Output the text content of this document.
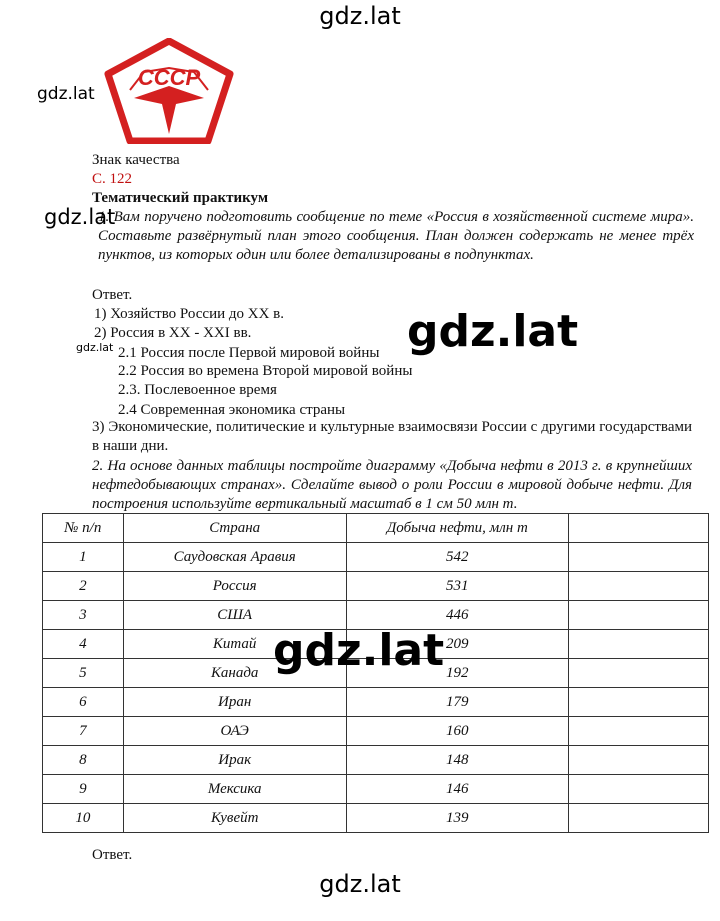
СССР
Знак качества
С. 122
Тематический практикум
1. Вам поручено подготовить сообщение по теме «Россия в хозяйственной системе мира». Составьте развёрнутый план этого сообщения. План должен содержать не менее трёх пунктов, из которых один или более детализированы в подпунктах.
Ответ.
1) Хозяйство России до XX в.
2) Россия в XX - XXI вв.
2.1 Россия после Первой мировой войны
2.2 Россия во времена Второй мировой войны
2.3. Послевоенное время
2.4 Современная экономика страны
3) Экономические, политические и культурные взаимосвязи России с другими государствами в наши дни.
2. На основе данных таблицы постройте диаграмму «Добыча нефти в 2013 г. в крупнейших нефтедобывающих странах». Сделайте вывод о роли России в мировой добыче нефти. Для построения используйте вертикальный масштаб в 1 см 50 млн т.
№ п/п	Страна	Добыча нефти, млн т	
1	Саудовская Аравия	542	
2	Россия	531	
3	США	446	
4	Китай	209	
5	Канада	192	
6	Иран	179	
7	ОАЭ	160	
8	Ирак	148	
9	Мексика	146	
10	Кувейт	139	
Ответ.
gdz.lat
gdz.lat
gdz.lat
gdz.lat	gdz.lat
gdz.lat
gdz.lat
